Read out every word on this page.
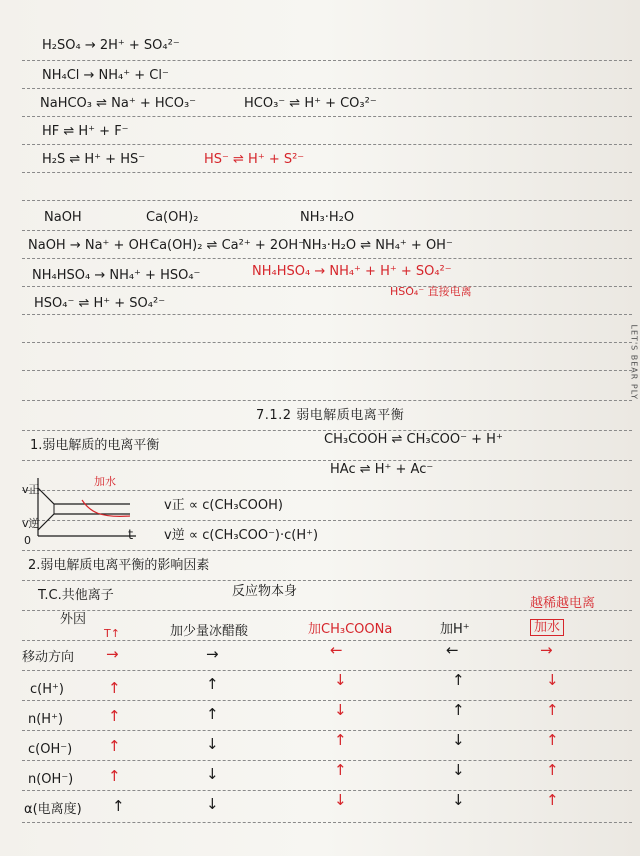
H₂SO₄ → 2H⁺ + SO₄²⁻
NH₄Cl → NH₄⁺ + Cl⁻
NaHCO₃ ⇌ Na⁺ + HCO₃⁻	HCO₃⁻ ⇌ H⁺ + CO₃²⁻
HF ⇌ H⁺ + F⁻
H₂S ⇌ H⁺ + HS⁻	HS⁻ ⇌ H⁺ + S²⁻
NaOH	Ca(OH)₂	NH₃·H₂O
NaOH → Na⁺ + OH⁻
Ca(OH)₂ ⇌ Ca²⁺ + 2OH⁻
NH₃·H₂O ⇌ NH₄⁺ + OH⁻
NH₄HSO₄ → NH₄⁺ + HSO₄⁻	NH₄HSO₄ → NH₄⁺ + H⁺ + SO₄²⁻
HSO₄⁻ 直接电离
HSO₄⁻ ⇌ H⁺ + SO₄²⁻
7.1.2 弱电解质电离平衡
1.弱电解质的电离平衡	CH₃COOH ⇌ CH₃COO⁻ + H⁺
HAc ⇌ H⁺ + Ac⁻
v正
v逆
0	t
加水
v正 ∝ c(CH₃COOH)
v逆 ∝ c(CH₃COO⁻)·c(H⁺)
2.弱电解质电离平衡的影响因素
T.C.共他离子	反应物本身
越稀越电离
外因
T↑	加少量冰醋酸	加CH₃COONa	加H⁺	加水
移动方向 →	→	←	←	→
c(H⁺)	↑	↑	↓	↑	↓
n(H⁺)	↑	↑	↓	↑	↑
c(OH⁻) ↑	↓	↑	↓	↑
n(OH⁻) ↑	↓	↑	↓	↑
α(电离度) ↑	↓	↓	↓	↑
LET'S BEAR PLY
